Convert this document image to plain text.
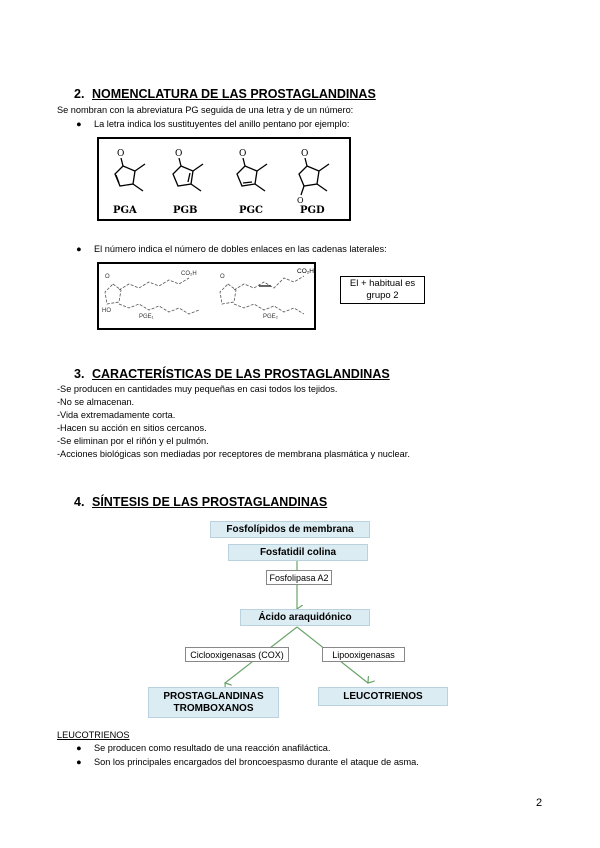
2. NOMENCLATURA DE LAS PROSTAGLANDINAS
Se nombran con la abreviatura PG seguida de una letra y de un número:
● La letra indica los sustituyentes del anillo pentano por ejemplo:
O	O	O	O
O
PGA	PGB	PGC	PGD
● El número indica el número de dobles enlaces en las cadenas laterales:
CO₂H	CO₂H
O	O
HO
PGE₁	PGE₂
El + habitual es grupo 2
3. CARACTERÍSTICAS DE LAS PROSTAGLANDINAS
-Se producen en cantidades muy pequeñas en casi todos los tejidos.
-No se almacenan.
-Vida extremadamente corta.
-Hacen su acción en sitios cercanos.
-Se eliminan por el riñón y el pulmón.
-Acciones biológicas son mediadas por receptores de membrana plasmática y nuclear.
4. SÍNTESIS DE LAS PROSTAGLANDINAS
Fosfolípidos de membrana
Fosfatidil colina
Fosfolipasa A2
Ácido araquidónico
Ciclooxigenasas (COX)	Lipooxigenasas
PROSTAGLANDINAS
TROMBOXANOS
LEUCOTRIENOS
LEUCOTRIENOS
● Se producen como resultado de una reacción anafiláctica.
● Son los principales encargados del broncoespasmo durante el ataque de asma.
2
